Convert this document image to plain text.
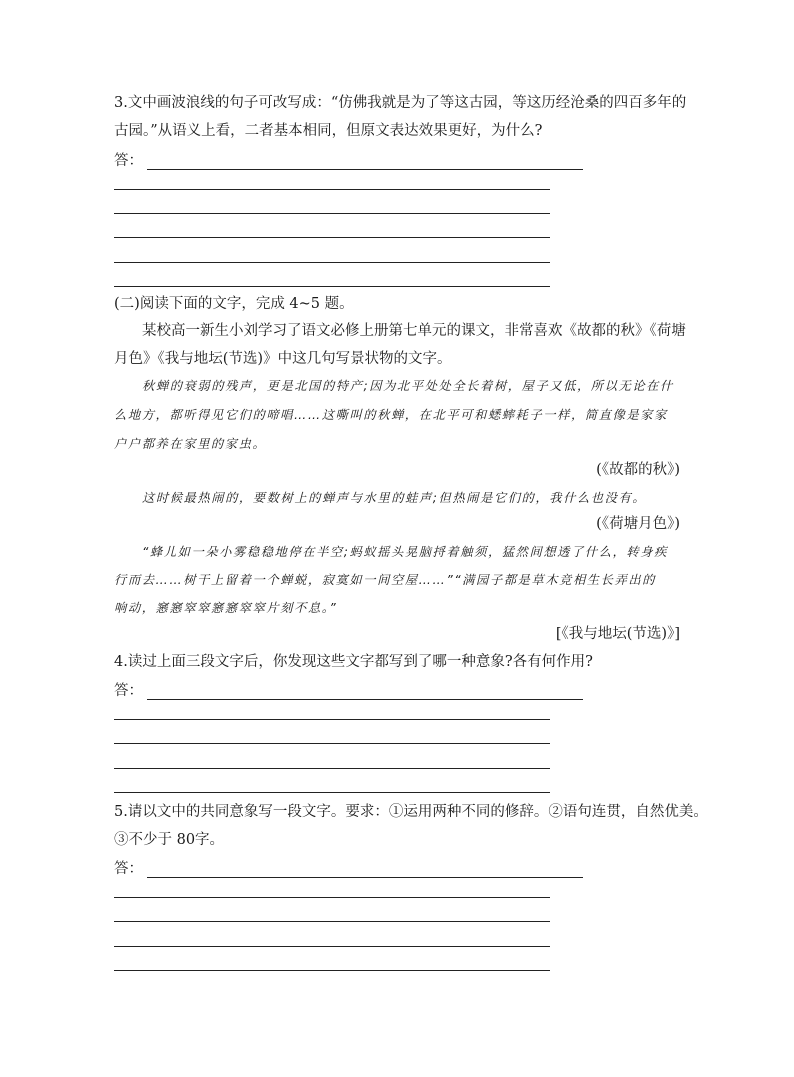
3.文中画波浪线的句子可改写成：“仿佛我就是为了等这古园，等这历经沧桑的四百多年的

古园。”从语义上看，二者基本相同，但原文表达效果更好，为什么?

答：

(二)阅读下面的文字，完成 4~5 题。

某校高一新生小刘学习了语文必修上册第七单元的课文，非常喜欢《故都的秋》《荷塘

月色》《我与地坛(节选)》中这几句写景状物的文字。

秋蝉的衰弱的残声，更是北国的特产;因为北平处处全长着树，屋子又低，所以无论在什

么地方，都听得见它们的啼唱……这嘶叫的秋蝉，在北平可和蟋蟀耗子一样，简直像是家家

户户都养在家里的家虫。

(《故都的秋》)

这时候最热闹的，要数树上的蝉声与水里的蛙声;但热闹是它们的，我什么也没有。

(《荷塘月色》)

“蜂儿如一朵小雾稳稳地停在半空;蚂蚁摇头晃脑捋着触须，猛然间想透了什么，转身疾

行而去……树干上留着一个蝉蜕，寂寞如一间空屋……”“满园子都是草木竞相生长弄出的

响动，窸窸窣窣窸窸窣窣片刻不息。”

[《我与地坛(节选)》]

4.读过上面三段文字后，你发现这些文字都写到了哪一种意象?各有何作用?

答：

5.请以文中的共同意象写一段文字。要求：①运用两种不同的修辞。②语句连贯，自然优美。

③不少于 80字。

答：
